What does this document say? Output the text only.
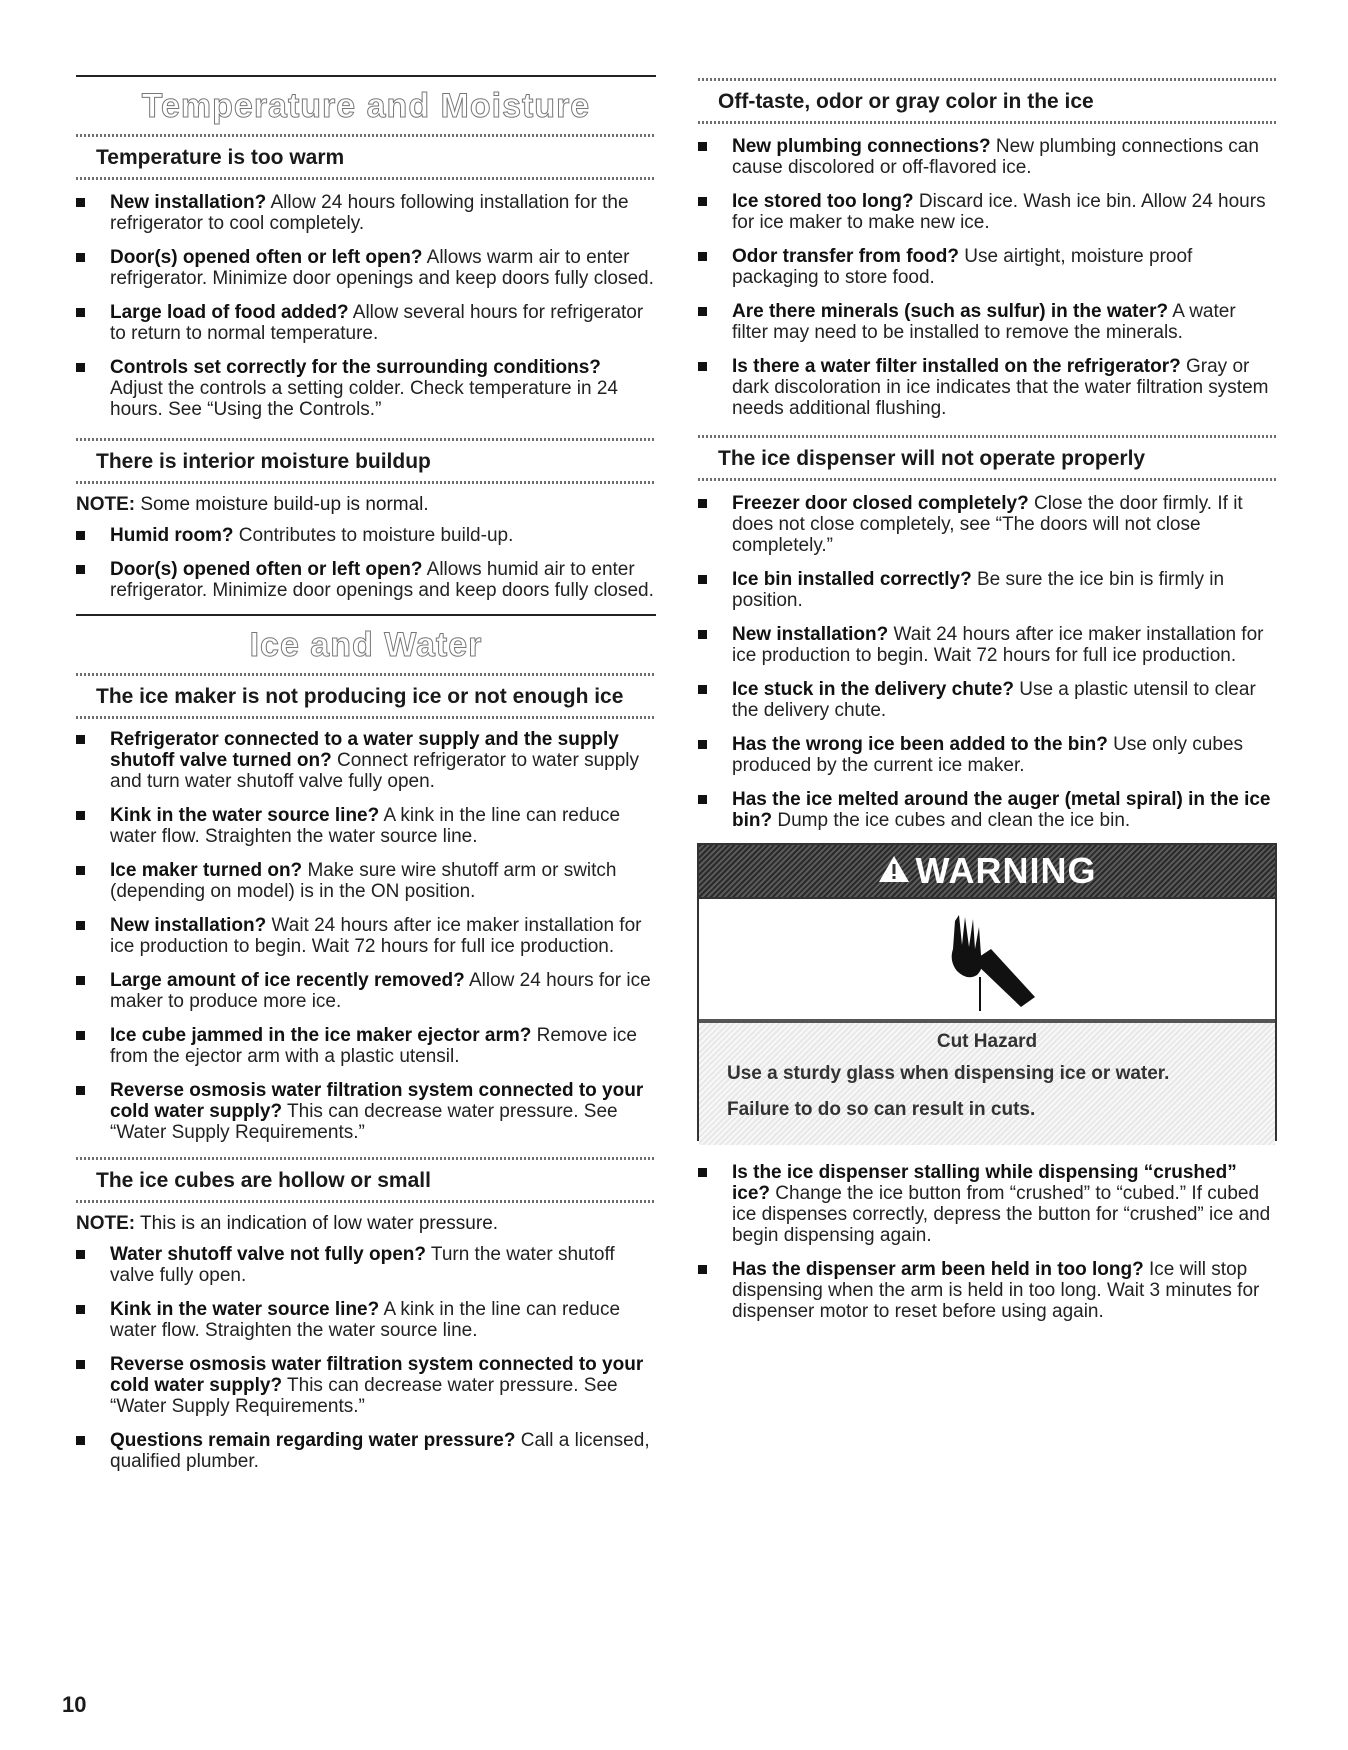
Temperature and Moisture
Temperature is too warm
New installation? Allow 24 hours following installation for the refrigerator to cool completely.
Door(s) opened often or left open? Allows warm air to enter refrigerator. Minimize door openings and keep doors fully closed.
Large load of food added? Allow several hours for refrigerator to return to normal temperature.
Controls set correctly for the surrounding conditions? Adjust the controls a setting colder. Check temperature in 24 hours. See “Using the Controls.”
There is interior moisture buildup

NOTE: Some moisture build-up is normal.

Humid room? Contributes to moisture build-up.
Door(s) opened often or left open? Allows humid air to enter refrigerator. Minimize door openings and keep doors fully closed.
Ice and Water
The ice maker is not producing ice or not enough ice
Refrigerator connected to a water supply and the supply shutoff valve turned on? Connect refrigerator to water supply and turn water shutoff valve fully open.
Kink in the water source line? A kink in the line can reduce water flow. Straighten the water source line.
Ice maker turned on? Make sure wire shutoff arm or switch (depending on model) is in the ON position.
New installation? Wait 24 hours after ice maker installation for ice production to begin. Wait 72 hours for full ice production.
Large amount of ice recently removed? Allow 24 hours for ice maker to produce more ice.
Ice cube jammed in the ice maker ejector arm? Remove ice from the ejector arm with a plastic utensil.
Reverse osmosis water filtration system connected to your cold water supply? This can decrease water pressure. See “Water Supply Requirements.”
The ice cubes are hollow or small

NOTE: This is an indication of low water pressure.

Water shutoff valve not fully open? Turn the water shutoff valve fully open.
Kink in the water source line? A kink in the line can reduce water flow. Straighten the water source line.
Reverse osmosis water filtration system connected to your cold water supply? This can decrease water pressure. See “Water Supply Requirements.”
Questions remain regarding water pressure? Call a licensed, qualified plumber.
Off-taste, odor or gray color in the ice
New plumbing connections? New plumbing connections can cause discolored or off-flavored ice.
Ice stored too long? Discard ice. Wash ice bin. Allow 24 hours for ice maker to make new ice.
Odor transfer from food? Use airtight, moisture proof packaging to store food.
Are there minerals (such as sulfur) in the water? A water filter may need to be installed to remove the minerals.
Is there a water filter installed on the refrigerator? Gray or dark discoloration in ice indicates that the water filtration system needs additional flushing.
The ice dispenser will not operate properly
Freezer door closed completely? Close the door firmly. If it does not close completely, see “The doors will not close completely.”
Ice bin installed correctly? Be sure the ice bin is firmly in position.
New installation? Wait 24 hours after ice maker installation for ice production to begin. Wait 72 hours for full ice production.
Ice stuck in the delivery chute? Use a plastic utensil to clear the delivery chute.
Has the wrong ice been added to the bin? Use only cubes produced by the current ice maker.
Has the ice melted around the auger (metal spiral) in the ice bin? Dump the ice cubes and clean the ice bin.
WARNING

Cut Hazard

Use a sturdy glass when dispensing ice or water.

Failure to do so can result in cuts.

Is the ice dispenser stalling while dispensing “crushed” ice? Change the ice button from “crushed” to “cubed.” If cubed ice dispenses correctly, depress the button for “crushed” ice and begin dispensing again.
Has the dispenser arm been held in too long? Ice will stop dispensing when the arm is held in too long. Wait 3 minutes for dispenser motor to reset before using again.
10
